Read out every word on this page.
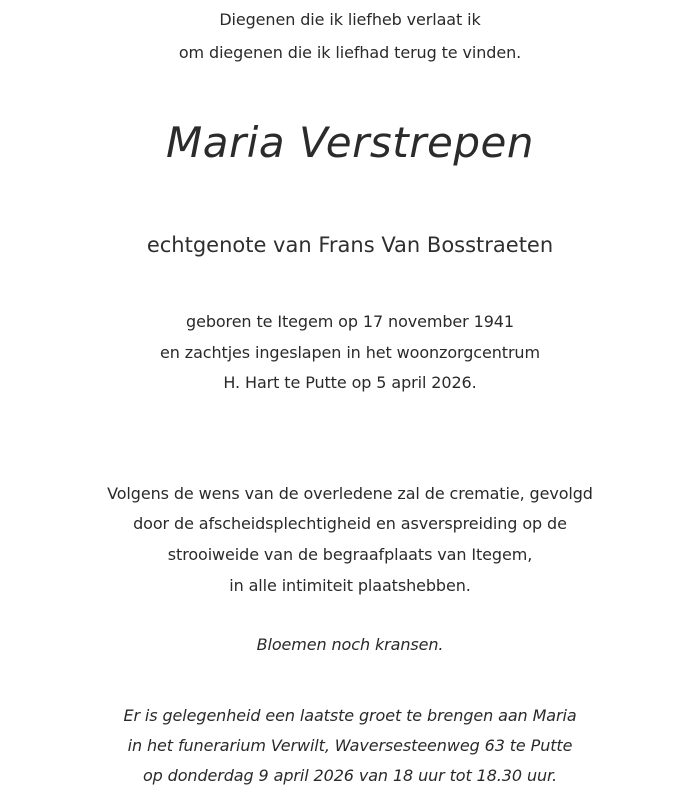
Diegenen die ik liefheb verlaat ik
om diegenen die ik liefhad terug te vinden.
Maria Verstrepen
echtgenote van Frans Van Bosstraeten
geboren te Itegem op 17 november 1941
en zachtjes ingeslapen in het woonzorgcentrum
H. Hart te Putte op 5 april 2026.
Volgens de wens van de overledene zal de crematie, gevolgd
door de afscheidsplechtigheid en asverspreiding op de
strooiweide van de begraafplaats van Itegem,
in alle intimiteit plaatshebben.
Bloemen noch kransen.
Er is gelegenheid een laatste groet te brengen aan Maria
in het funerarium Verwilt, Waversesteenweg 63 te Putte
op donderdag 9 april 2026 van 18 uur tot 18.30 uur.
